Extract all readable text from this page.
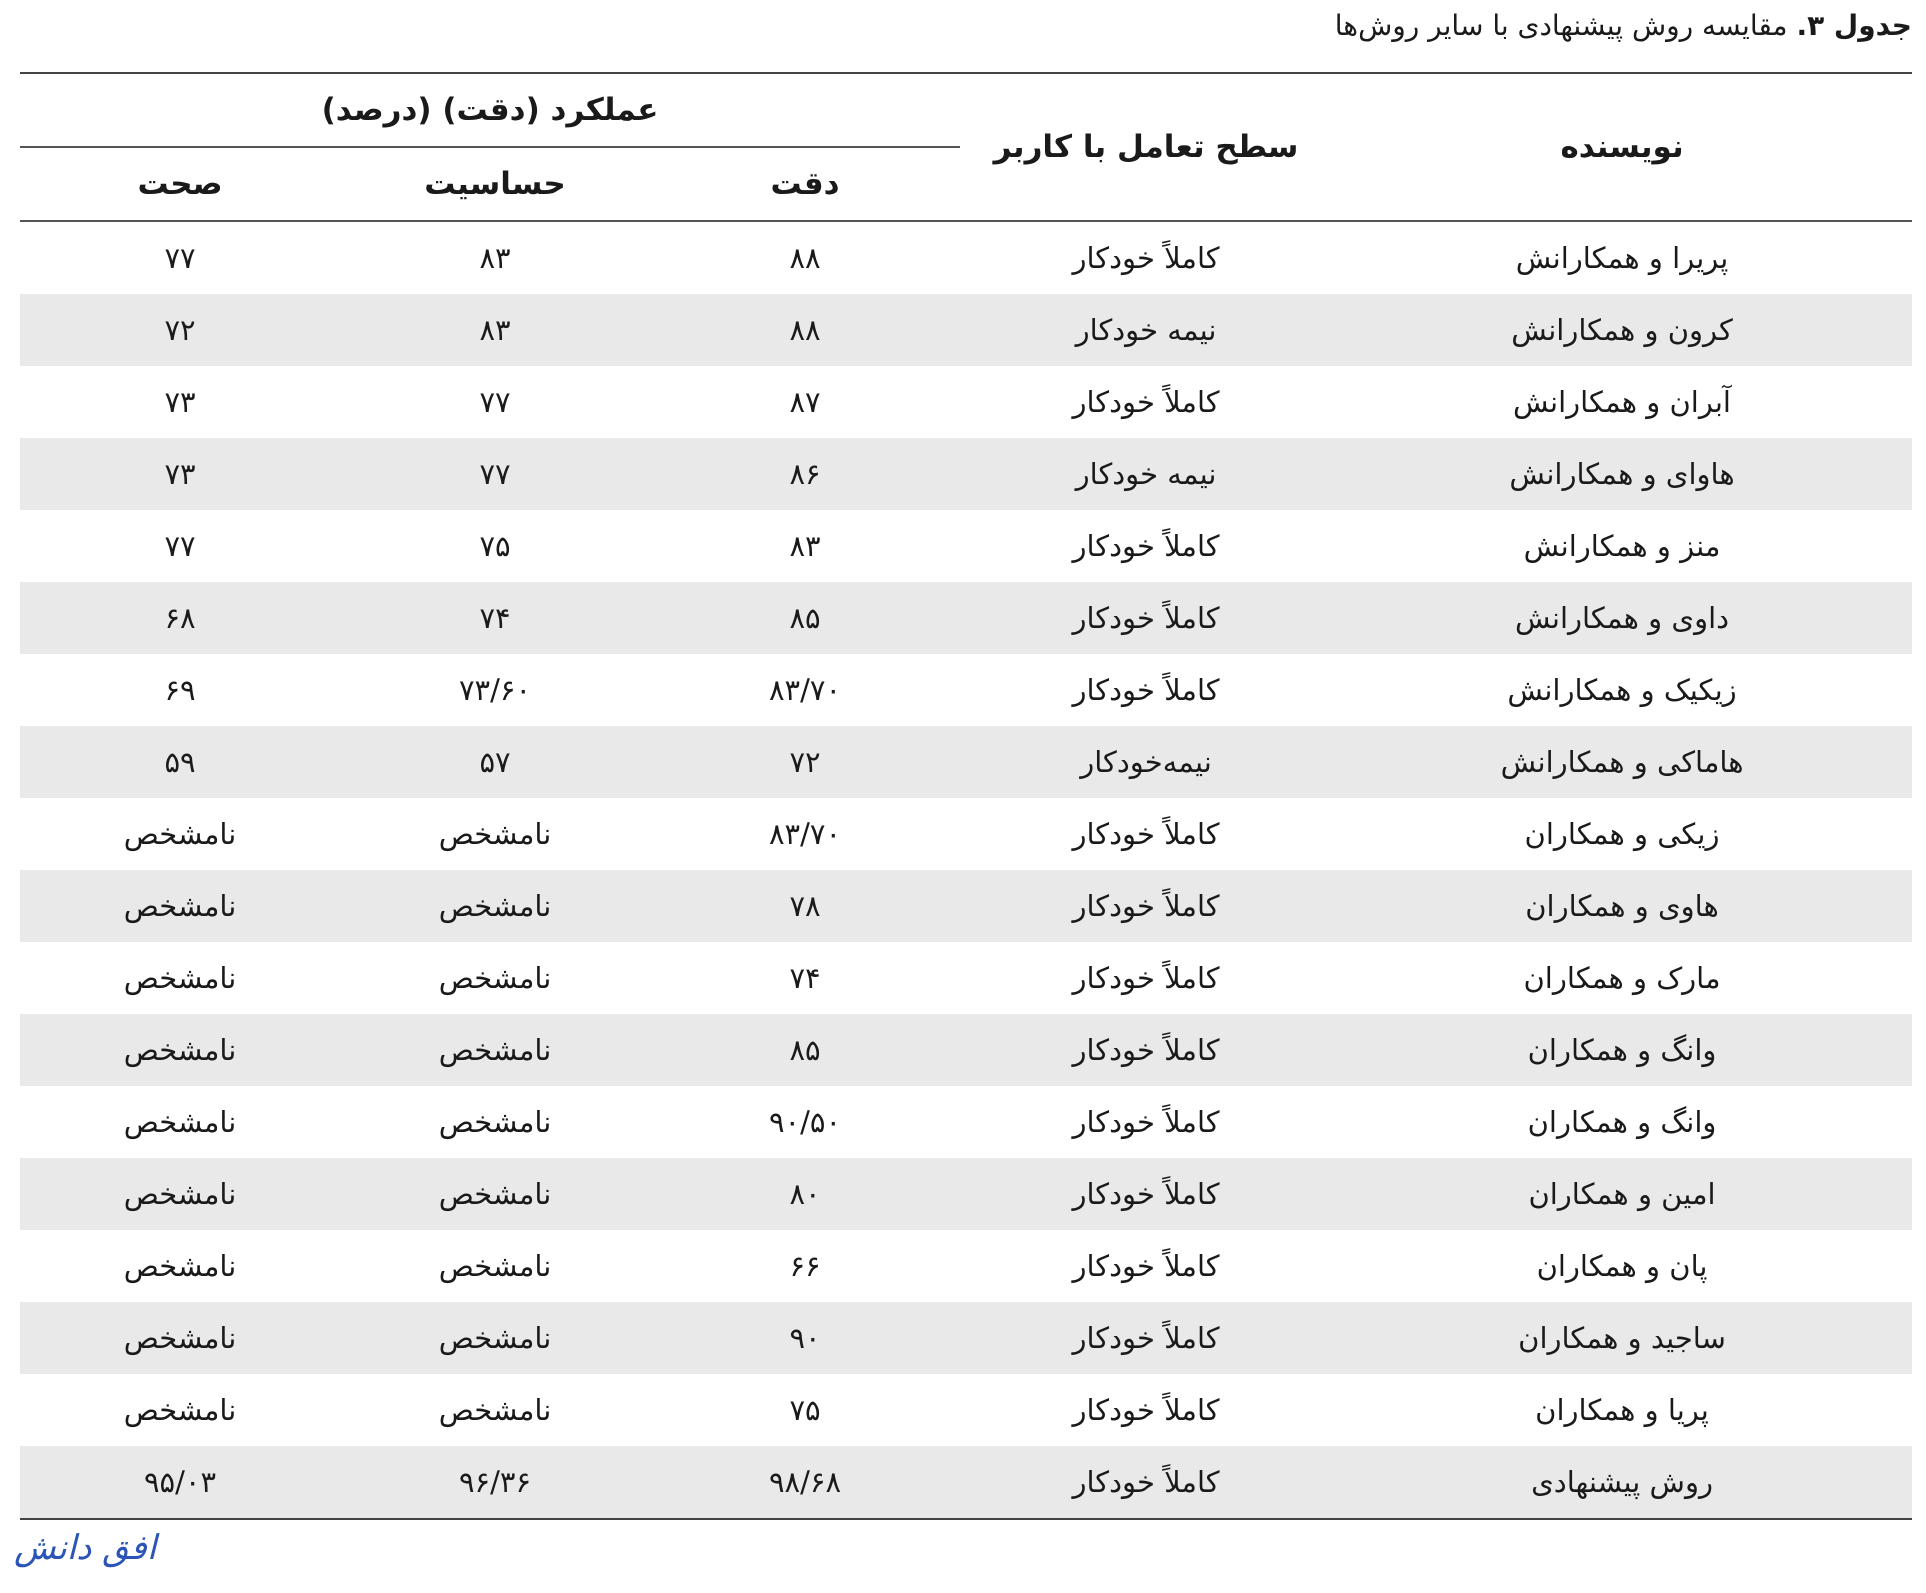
جدول ۳. مقایسه روش پیشنهادی با سایر روش‌ها
نویسنده	سطح تعامل با کاربر	عملکرد (دقت) (درصد)		
		دقت	حساسیت	صحت
پریرا و همکارانش	کاملاً خودکار	۸۸	۸۳	۷۷
کرون و همکارانش	نیمه خودکار	۸۸	۸۳	۷۲
آبران و همکارانش	کاملاً خودکار	۸۷	۷۷	۷۳
هاوای و همکارانش	نیمه خودکار	۸۶	۷۷	۷۳
منز و همکارانش	کاملاً خودکار	۸۳	۷۵	۷۷
داوی و همکارانش	کاملاً خودکار	۸۵	۷۴	۶۸
زیکیک و همکارانش	کاملاً خودکار	۸۳/۷۰	۷۳/۶۰	۶۹
هاماکی و همکارانش	نیمه‌خودکار	۷۲	۵۷	۵۹
زیکی و همکاران	کاملاً خودکار	۸۳/۷۰	نامشخص	نامشخص
هاوی و همکاران	کاملاً خودکار	۷۸	نامشخص	نامشخص
مارک و همکاران	کاملاً خودکار	۷۴	نامشخص	نامشخص
وانگ و همکاران	کاملاً خودکار	۸۵	نامشخص	نامشخص
وانگ و همکاران	کاملاً خودکار	۹۰/۵۰	نامشخص	نامشخص
امین و همکاران	کاملاً خودکار	۸۰	نامشخص	نامشخص
پان و همکاران	کاملاً خودکار	۶۶	نامشخص	نامشخص
ساجید و همکاران	کاملاً خودکار	۹۰	نامشخص	نامشخص
پریا و همکاران	کاملاً خودکار	۷۵	نامشخص	نامشخص
روش پیشنهادی	کاملاً خودکار	۹۸/۶۸	۹۶/۳۶	۹۵/۰۳
افق دانش
